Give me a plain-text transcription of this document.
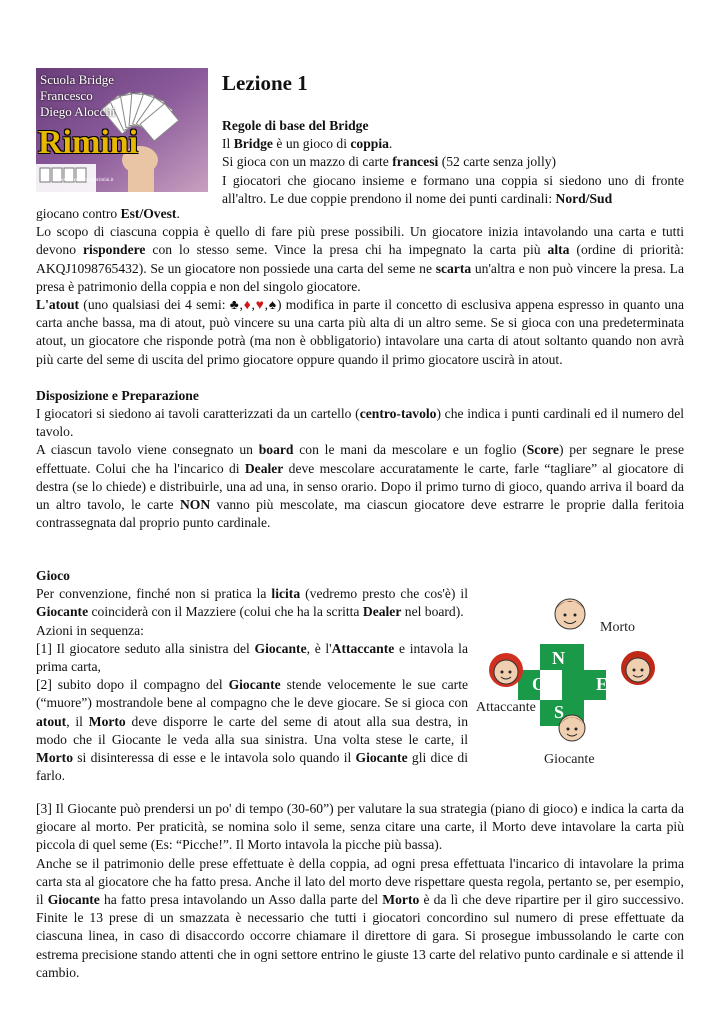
Scuola Bridge
Francesco
Diego Alocchi
Rimini
www.scuolabridgerimini.it
Lezione 1

Regole di base del Bridge

Il Bridge è un gioco di coppia.

Si gioca con un mazzo di carte francesi (52 carte senza jolly)

I giocatori che giocano insieme e formano una coppia si siedono uno di fronte all'altro. Le due coppie prendono il nome dei punti cardinali: Nord/Sud

giocano contro Est/Ovest.

Lo scopo di ciascuna coppia è quello di fare più prese possibili. Un giocatore inizia intavolando una carta e tutti devono rispondere con lo stesso seme. Vince la presa chi ha impegnato la carta più alta (ordine di priorità: AKQJ1098765432). Se un giocatore non possiede una carta del seme ne scarta un'altra e non può vincere la presa. La presa è patrimonio della coppia e non del singolo giocatore.

L'atout (uno qualsiasi dei 4 semi: ♣,♦,♥,♠) modifica in parte il concetto di esclusiva appena espresso in quanto una carta anche bassa, ma di atout, può vincere su una carta più alta di un altro seme. Se si gioca con una predeterminata atout, un giocatore che risponde potrà (ma non è obbligatorio) intavolare una carta di atout soltanto quando non avrà più carte del seme di uscita del primo giocatore oppure quando il primo giocatore uscirà in atout.

Disposizione e Preparazione

I giocatori si siedono ai tavoli caratterizzati da un cartello (centro-tavolo) che indica i punti cardinali ed il numero del tavolo.

A ciascun tavolo viene consegnato un board con le mani da mescolare e un foglio (Score) per segnare le prese effettuate. Colui che ha l'incarico di Dealer deve mescolare accuratamente le carte, farle “tagliare” al giocatore di destra (se lo chiede) e distribuirle, una ad una, in senso orario. Dopo il primo turno di gioco, quando arriva il board da un altro tavolo, le carte NON vanno più mescolate, ma ciascun giocatore deve estrarre le proprie dalla feritoia contrassegnata dal proprio punto cardinale.

Gioco

Per convenzione, finché non si pratica la licita (vedremo presto che cos'è) il Giocante coinciderà con il Mazziere (colui che ha la scritta Dealer nel board).

Azioni in sequenza:

[1] Il giocatore seduto alla sinistra del Giocante, è l'Attaccante e intavola la prima carta,

[2] subito dopo il compagno del Giocante stende velocemente le sue carte (“muore”) mostrandole bene al compagno che le deve giocare. Se si gioca con atout, il Morto deve disporre le carte del seme di atout alla sua destra, in modo che il Giocante le veda alla sua sinistra. Una volta stese le carte, il Morto si disinteressa di esse e le intavola solo quando il Giocante gli dice di farlo.

N
O	E
S
Morto
Attaccante
Giocante

[3] Il Giocante può prendersi un po' di tempo (30-60”) per valutare la sua strategia (piano di gioco) e indica la carta da giocare al morto. Per praticità, se nomina solo il seme, senza citare una carte, il Morto deve intavolare la carta più piccola di quel seme (Es: “Picche!”. Il Morto intavola la picche più bassa).

Anche se il patrimonio delle prese effettuate è della coppia, ad ogni presa effettuata l'incarico di intavolare la prima carta sta al giocatore che ha fatto presa. Anche il lato del morto deve rispettare questa regola, pertanto se, per esempio, il Giocante ha fatto presa intavolando un Asso dalla parte del Morto è da lì che deve ripartire per il giro successivo. Finite le 13 prese di un smazzata è necessario che tutti i giocatori concordino sul numero di prese effettuate da ciascuna linea, in caso di disaccordo occorre chiamare il direttore di gara. Si prosegue imbussolando le carte con estrema precisione stando attenti che in ogni settore entrino le giuste 13 carte del relativo punto cardinale e si attende il cambio.
